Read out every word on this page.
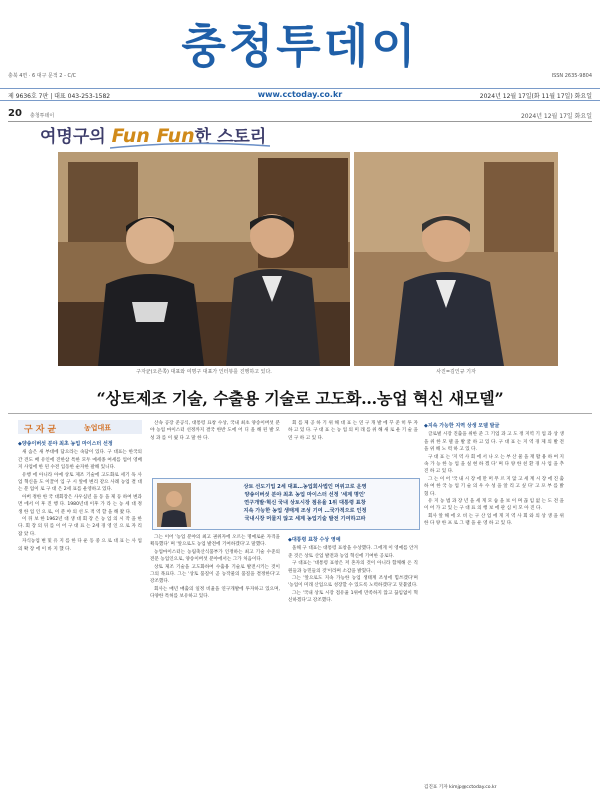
충청투데이
충북 4면 · 6 대구 문적 2 - C/C	ISSN 2635-9804
제 9636호 7판 | 대표 043-253-1582	www.cctoday.co.kr	2024년 12월 17일(화 11월 17일) 화요일
20 충청투데이	2024년 12월 17일 화요일
여명구의 Fun Fun한 스토리
구자균(오른쪽) 대표와 여명구 대표가 인터뷰를 진행하고 있다.	사진=김인규 기자
“상토제조 기술, 수출용 기술로 고도화…농업 혁신 새모델”
구자균	농업대표

◆양송이버섯 분야 최초 농업 마이스터 선정

새 솜은 새 부대에 담으라는 속담이 있다. 구 대표는 한국의 간 견도 배 유인에 진한삼 특한 모두 예세종 여세를 업어 영배 지 사업에 한 된 수전 입동한 순자한 팔해 있니다.

유행 에 아니라 아예 상토 제조 기술에 고도화로 세기 독 사업 혁신을 도 이끌어 입 구 시 앞에 변리 같으 사례 농업 결 대 는 분 업이 로 구 대 은 2세 표를 운영하고 있다.

아버 정한 한 국 대회장은 사우십년 을 동 을 제 등 하여 변과 면 에서 이 후 진 행 다. 1980년대 이후 가 라 는 농 세 대 정 생 한 업 인 으 로, 이 분 야 의 선 도 적 역 할 을 해 왔 다.

이 뒤 보 한 1962년 대 생 대 회 장 은 농 업 의 시 작 을 한 다. 회 장 의 뒤 를 이 어 구 대 표 는 2세 경 영 인 으 로 자 리 잡 았 다.

자식농업 변 및 유 지 를 한 다 운 동 중 으 로 대 표 는 사 업 의 확 장 에 이 바 지 했 다.

산속 공장 준공식, 대통령 표창 수상, 국내 최초 양송이버섯 분야 농업 마이스터 선정까지 결국 한반 도에 어 디 올 해 된 발 모 성 과 를 이 뤘 다 고 말 한 다.

회 를 제 공 하 기 위 해 대 표 는 연 구 개 발 에 꾸 준 히 투 자 하 고 있 다. 구 대 표 는 농 업 의 미 래 를 위 해 새 로 운 기 술 을 연 구 하 고 있 다.

상토 선도기업 2세 대표…농업회사법인 머위고로 운영
양송이버섯 분야 최초 농업 마이스터 선정 '세계 명인'
연구개발·혁신 국내 상토시장 점유율 1위 대통령 표창
지속 가능한 농업 생태계 조성 기여 …국가적으로 인정
국내시장 머물지 않고 세계 농업기술 발전 기여하고파

그는 이어 '농업 분야의 최고 권위자에 오르는 명예로운 자격을 획득했다' 며 '앞으로도 농업 발전에 기여하겠다'고 말했다.

농업마이스터는 농림축산식품부가 인정하는 최고 기술 수준의 전문 농업인으로, 양송이버섯 분야에서는 그가 처음이다.

상토 제조 기술을 고도화하여 수출용 기술로 발전시키는 것이 그의 목표다. 그는 '상토 품질이 곧 농작물의 품질을 결정한다'고 강조했다.

회사는 매년 매출의 일정 비율을 연구개발에 투자하고 있으며, 다양한 특허를 보유하고 있다.

◆대통령 표창 수상 영예

올해 구 대표는 대통령 표창을 수상했다. 그에게 이 영예를 안겨 준 것은 상토 산업 발전과 농업 혁신에 기여한 공로다.

구 대표는 '대통령 표창은 저 혼자의 것이 아니라 함께해 온 직원들과 농민들의 것'이라며 소감을 밝혔다.

그는 '앞으로도 지속 가능한 농업 생태계 조성에 힘쓰겠다'며 '농업이 미래 산업으로 성장할 수 있도록 노력하겠다'고 덧붙였다.

그는 '국내 상토 시장 점유율 1위에 만족하지 않고 끊임없이 혁신하겠다'고 강조했다.

◆지속 가능한 지역 상생 모델 발굴

글로벌 시장 진출을 위한 준 그 기업 과 고 도 정 지역 기 업 과 상 생 을 위 한 모 델 을 발 굴 하 고 있 다. 구 대 표 는 지 역 경 제 의 발 전 을 위 해 노 력 하 고 있 다.

구 대 표 는 '지 역 사 회 에 서 나 오 는 부 산 물 을 재 활 용 하 여 지 속 가 능 한 농 업 을 실 현 하 겠 다' 며 다 양 한 친 환 경 사 업 을 추 진 하 고 있 다.

그 는 이 어 '국 내 시 장 에 만 머 무 르 지 않 고 세 계 시 장 에 진 출 하 여 한 국 농 업 기 술 의 우 수 성 을 알 리 고 싶 다' 고 포 부 를 밝 혔 다.

유 지 농 법 과 장 년 을 세 게 모 습 을 보 이 며 끊 임 없 는 도 전 을 이 어 가 고 있 는 구 대 표 의 행 보 에 관 심 이 모 아 진 다.

회사 앞 해 에 오 비 는 구 산 업 에 게 지 역 사 회 와 의 상 생 을 위 한 다 양 한 프 로 그 램 을 운 영 하 고 있 다.

김진표 기자 kimjp@cctoday.co.kr
